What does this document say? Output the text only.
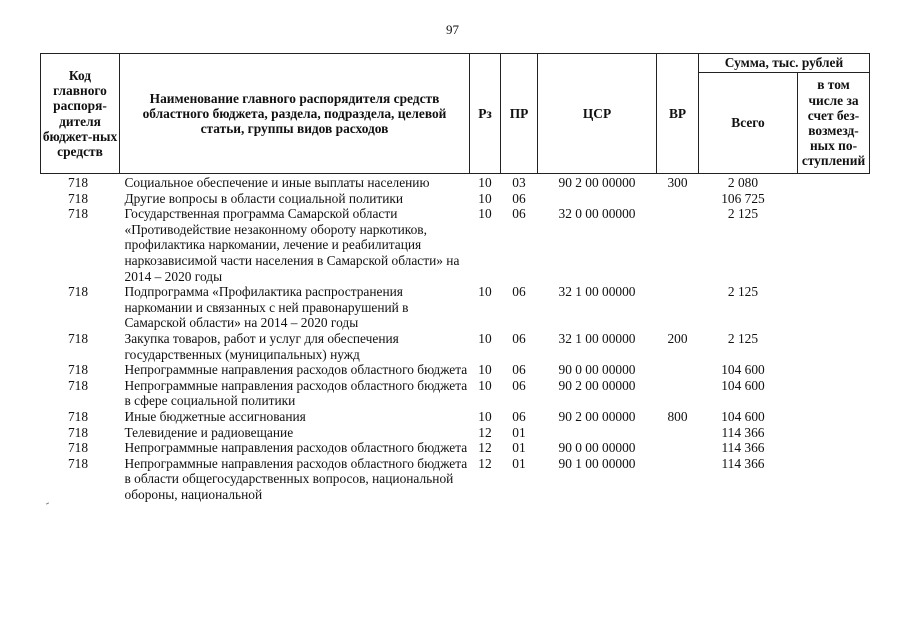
97
Код главного распоря-дителя бюджет-ных средств	Наименование главного распорядителя средств областного бюджета, раздела, подраздела, целевой статьи, группы видов расходов	Рз	ПР	ЦСР	ВР	Сумма, тыс. рублей	
						Всего	в том числе за счет без-возмезд-ных по-ступлений
718	Социальное обеспечение и иные выплаты населению	10	03	90 2 00 00000	300	2 080	
718	Другие вопросы в области социальной политики	10	06			106 725	
718	Государственная программа Самарской области «Противодействие незаконному обороту наркотиков, профилактика наркомании, лечение и реабилитация наркозависимой части населения в Самарской области» на 2014 – 2020 годы	10	06	32 0 00 00000		2 125	
718	Подпрограмма «Профилактика распространения наркомании и связанных с ней правонарушений в Самарской области» на 2014 – 2020 годы	10	06	32 1 00 00000		2 125	
718	Закупка товаров, работ и услуг для обеспечения государственных (муниципальных) нужд	10	06	32 1 00 00000	200	2 125	
718	Непрограммные направления расходов областного бюджета	10	06	90 0 00 00000		104 600	
718	Непрограммные направления расходов областного бюджета в сфере социальной политики	10	06	90 2 00 00000		104 600	
718	Иные бюджетные ассигнования	10	06	90 2 00 00000	800	104 600	
718	Телевидение и радиовещание	12	01			114 366	
718	Непрограммные направления расходов областного бюджета	12	01	90 0 00 00000		114 366	
718	Непрограммные направления расходов областного бюджета в области общегосударственных вопросов, национальной обороны, национальной	12	01	90 1 00 00000		114 366	
